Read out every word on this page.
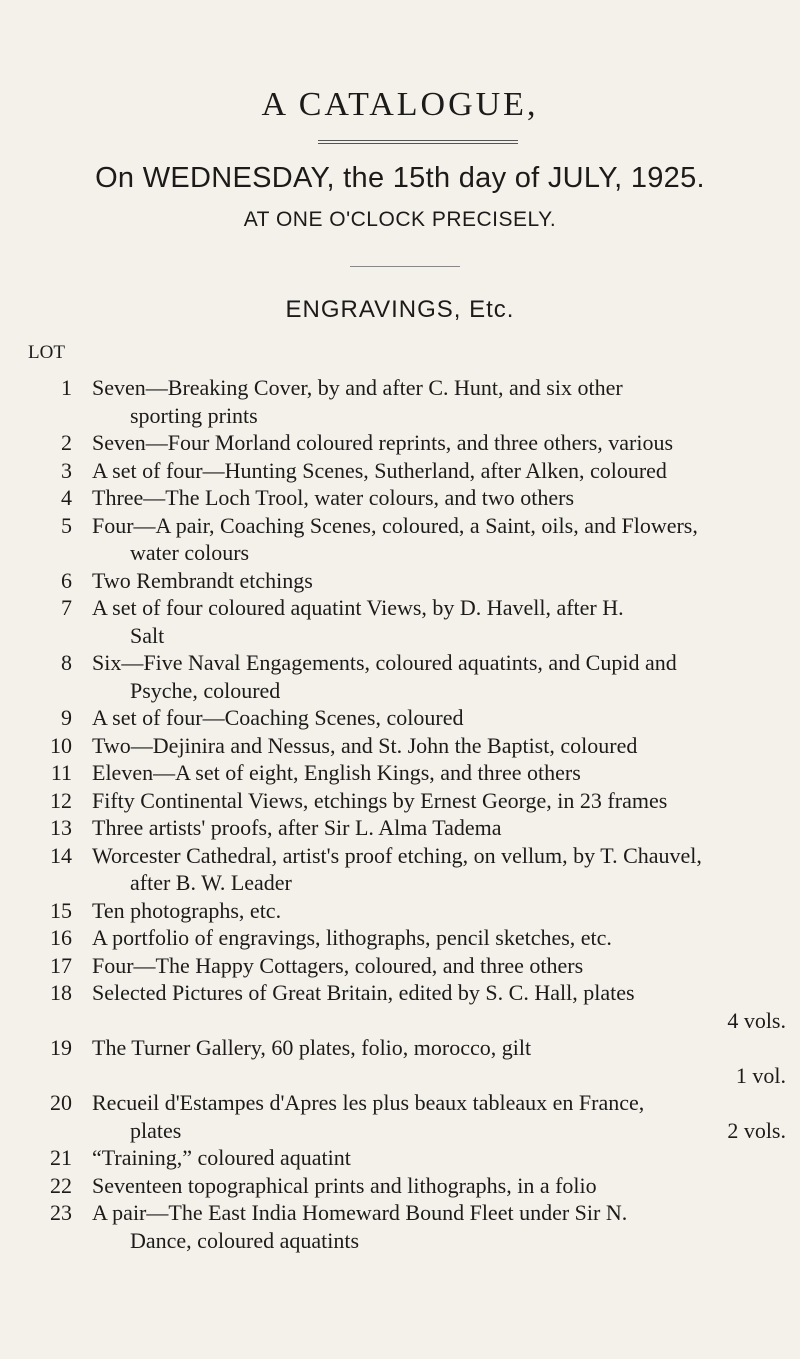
A CATALOGUE,
On WEDNESDAY, the 15th day of JULY, 1925.
AT ONE O'CLOCK PRECISELY.
ENGRAVINGS, Etc.
LOT
1 Seven—Breaking Cover, by and after C. Hunt, and six other
sporting prints
2 Seven—Four Morland coloured reprints, and three others, various
3 A set of four—Hunting Scenes, Sutherland, after Alken, coloured
4 Three—The Loch Trool, water colours, and two others
5 Four—A pair, Coaching Scenes, coloured, a Saint, oils, and Flowers,
water colours
6 Two Rembrandt etchings
7 A set of four coloured aquatint Views, by D. Havell, after H.
Salt
8 Six—Five Naval Engagements, coloured aquatints, and Cupid and
Psyche, coloured
9 A set of four—Coaching Scenes, coloured
10 Two—Dejinira and Nessus, and St. John the Baptist, coloured
11 Eleven—A set of eight, English Kings, and three others
12 Fifty Continental Views, etchings by Ernest George, in 23 frames
13 Three artists' proofs, after Sir L. Alma Tadema
14 Worcester Cathedral, artist's proof etching, on vellum, by T. Chauvel,
after B. W. Leader
15 Ten photographs, etc.
16 A portfolio of engravings, lithographs, pencil sketches, etc.
17 Four—The Happy Cottagers, coloured, and three others
18 Selected Pictures of Great Britain, edited by S. C. Hall, plates
4 vols.

19 The Turner Gallery, 60 plates, folio, morocco, gilt
1 vol.

20 Recueil d'Estampes d'Apres les plus beaux tableaux en France,
2 vols.
plates
21 “Training,” coloured aquatint
22 Seventeen topographical prints and lithographs, in a folio
23 A pair—The East India Homeward Bound Fleet under Sir N.
Dance, coloured aquatints
